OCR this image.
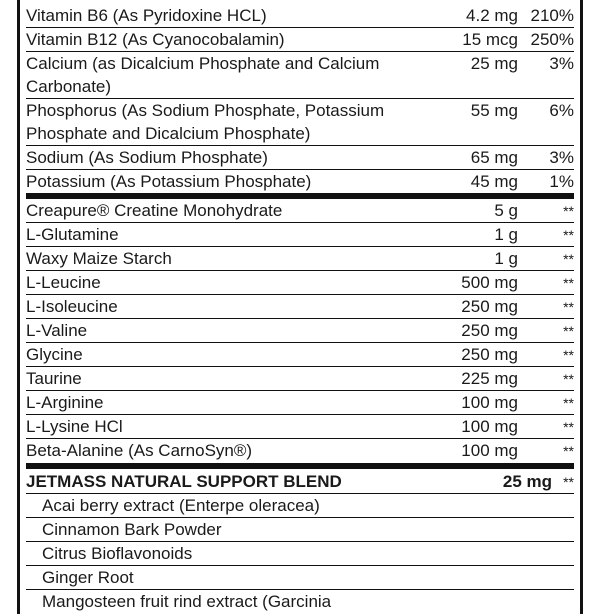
Vitamin B6 (As Pyridoxine HCL)	4.2 mg 210%
Vitamin B12 (As Cyanocobalamin)	15 mcg 250%
Calcium (as Dicalcium Phosphate and Calcium
Carbonate)
25 mg 3%
Phosphorus (As Sodium Phosphate, Potassium
Phosphate and Dicalcium Phosphate)
55 mg 6%
Sodium (As Sodium Phosphate)	65 mg 3%
Potassium (As Potassium Phosphate)	45 mg 1%
Creapure® Creatine Monohydrate	5 g	**
L-Glutamine	1 g	**
Waxy Maize Starch	1 g	**
L-Leucine	500 mg	**
L-Isoleucine	250 mg	**
L-Valine	250 mg	**
Glycine	250 mg	**
Taurine	225 mg	**
L-Arginine	100 mg	**
L-Lysine HCl	100 mg	**
Beta-Alanine (As CarnoSyn®)	100 mg	**
JETMASS NATURAL SUPPORT BLEND	25 mg **
Acai berry extract (Enterpe oleracea)
Cinnamon Bark Powder
Citrus Bioflavonoids
Ginger Root
Mangosteen fruit rind extract (Garcinia
